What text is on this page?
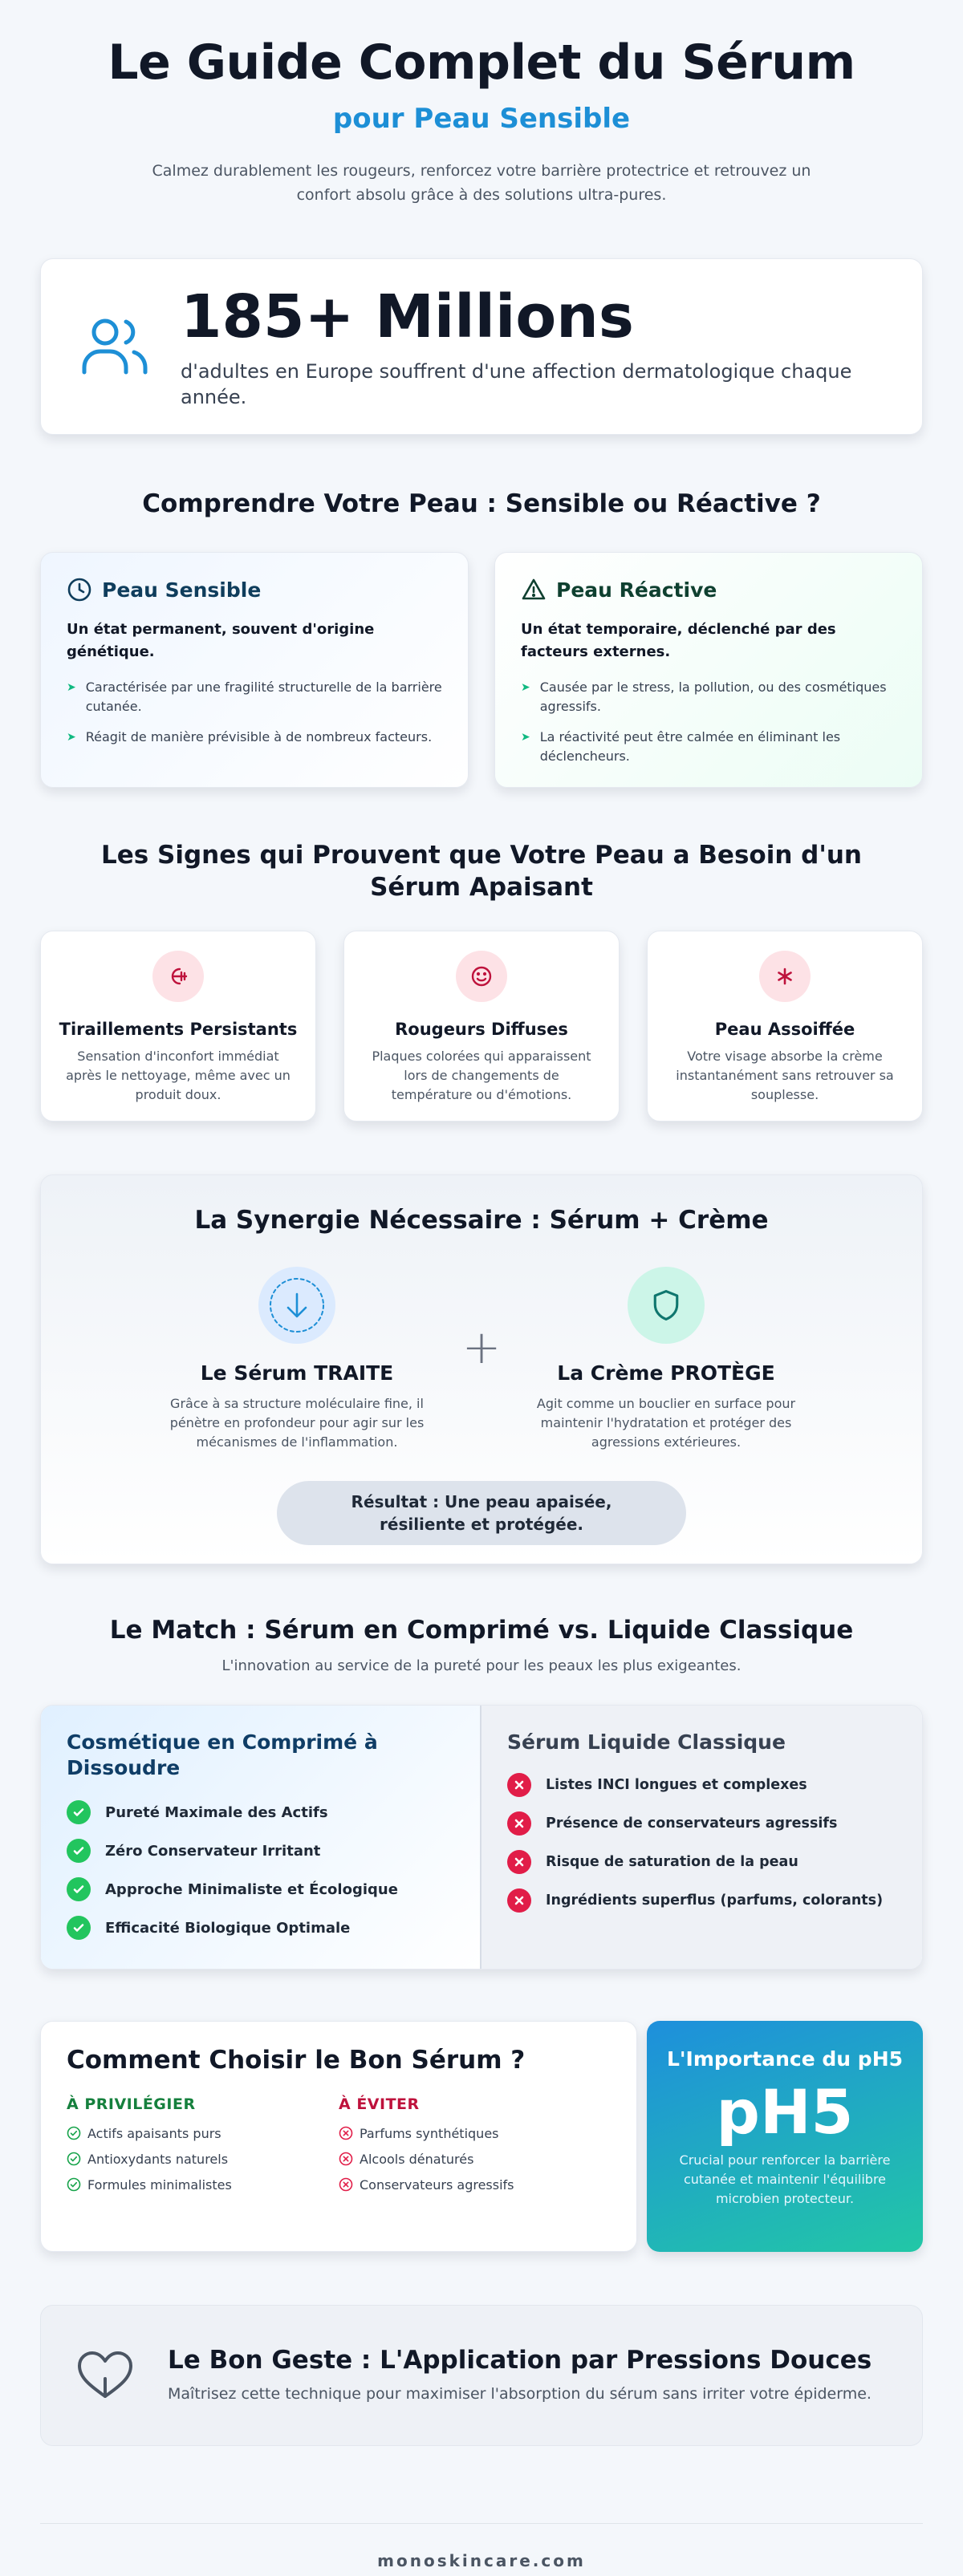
Le Guide Complet du Sérum
pour Peau Sensible

Calmez durablement les rougeurs, renforcez votre barrière protectrice et retrouvez un confort absolu grâce à des solutions ultra-pures.

185+ Millions
d'adultes en Europe souffrent d'une affection dermatologique chaque année.
Comprendre Votre Peau : Sensible ou Réactive ?
Peau Sensible
Un état permanent, souvent d'origine génétique.
➤ Caractérisée par une fragilité structurelle de la barrière cutanée.
➤ Réagit de manière prévisible à de nombreux facteurs.
Peau Réactive
Un état temporaire, déclenché par des facteurs externes.
➤ Causée par le stress, la pollution, ou des cosmétiques agressifs.
➤ La réactivité peut être calmée en éliminant les déclencheurs.
Les Signes qui Prouvent que Votre Peau a Besoin d'un Sérum Apaisant
Tiraillements Persistants

Sensation d'inconfort immédiat après le nettoyage, même avec un produit doux.

Rougeurs Diffuses

Plaques colorées qui apparaissent lors de changements de température ou d'émotions.

Peau Assoiffée

Votre visage absorbe la crème instantanément sans retrouver sa souplesse.

La Synergie Nécessaire : Sérum + Crème
Le Sérum TRAITE

Grâce à sa structure moléculaire fine, il pénètre en profondeur pour agir sur les mécanismes de l'inflammation.

+	La Crème PROTÈGE

Agit comme un bouclier en surface pour maintenir l'hydratation et protéger des agressions extérieures.

Résultat : Une peau apaisée, résiliente et protégée.
Le Match : Sérum en Comprimé vs. Liquide Classique

L'innovation au service de la pureté pour les peaux les plus exigeantes.

Cosmétique en Comprimé à Dissoudre
Pureté Maximale des Actifs
Zéro Conservateur Irritant
Approche Minimaliste et Écologique
Efficacité Biologique Optimale
Sérum Liquide Classique
Listes INCI longues et complexes
Présence de conservateurs agressifs
Risque de saturation de la peau
Ingrédients superflus (parfums, colorants)
Comment Choisir le Bon Sérum ?
À PRIVILÉGIER
Actifs apaisants purs
Antioxydants naturels
Formules minimalistes
À ÉVITER
Parfums synthétiques
Alcools dénaturés
Conservateurs agressifs
L'Importance du pH5
pH5

Crucial pour renforcer la barrière cutanée et maintenir l'équilibre microbien protecteur.

Le Bon Geste : L'Application par Pressions Douces

Maîtrisez cette technique pour maximiser l'absorption du sérum sans irriter votre épiderme.

monoskincare.com
